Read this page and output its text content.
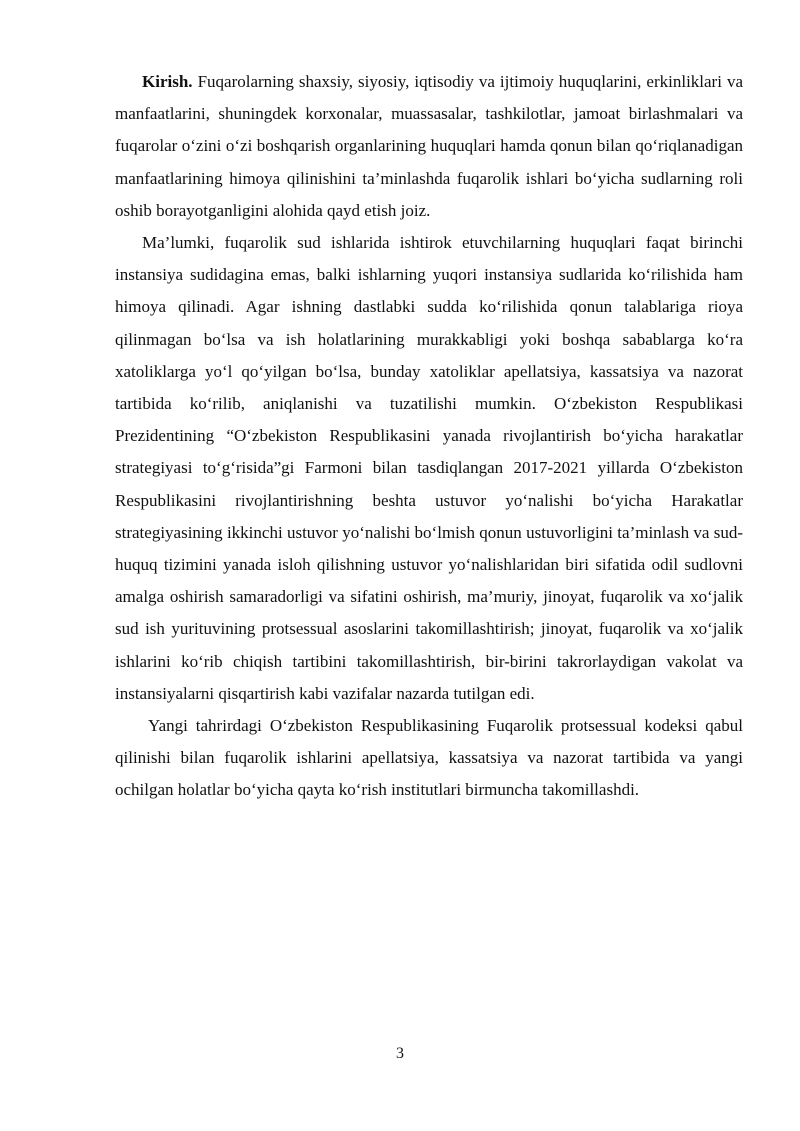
Kirish. Fuqarolarning shaxsiy, siyosiy, iqtisodiy va ijtimoiy huquqlarini, erkinliklari va manfaatlarini, shuningdek korxonalar, muassasalar, tashkilotlar, jamoat birlashmalari va fuqarolar o‘zini o‘zi boshqarish organlarining huquqlari hamda qonun bilan qo‘riqlanadigan manfaatlarining himoya qilinishini ta’minlashda fuqarolik ishlari bo‘yicha sudlarning roli oshib borayotganligini alohida qayd etish joiz.

Ma’lumki, fuqarolik sud ishlarida ishtirok etuvchilarning huquqlari faqat birinchi instansiya sudidagina emas, balki ishlarning yuqori instansiya sudlarida ko‘rilishida ham himoya qilinadi. Agar ishning dastlabki sudda ko‘rilishida qonun talablariga rioya qilinmagan bo‘lsa va ish holatlarining murakkabligi yoki boshqa sabablarga ko‘ra xatoliklarga yo‘l qo‘yilgan bo‘lsa, bunday xatoliklar apellatsiya, kassatsiya va nazorat tartibida ko‘rilib, aniqlanishi va tuzatilishi mumkin. O‘zbekiston Respublikasi Prezidentining “O‘zbekiston Respublikasini yanada rivojlantirish bo‘yicha harakatlar strategiyasi to‘g‘risida”gi Farmoni bilan tasdiqlangan 2017-2021 yillarda O‘zbekiston Respublikasini rivojlantirishning beshta ustuvor yo‘nalishi bo‘yicha Harakatlar strategiyasining ikkinchi ustuvor yo‘nalishi bo‘lmish qonun ustuvorligini ta’minlash va sud-huquq tizimini yanada isloh qilishning ustuvor yo‘nalishlaridan biri sifatida odil sudlovni amalga oshirish samaradorligi va sifatini oshirish, ma’muriy, jinoyat, fuqarolik va xo‘jalik sud ish yurituvining protsessual asoslarini takomillashtirish; jinoyat, fuqarolik va xo‘jalik ishlarini ko‘rib chiqish tartibini takomillashtirish, bir-birini takrorlaydigan vakolat va instansiyalarni qisqartirish kabi vazifalar nazarda tutilgan edi.

Yangi tahrirdagi O‘zbekiston Respublikasining Fuqarolik protsessual kodeksi qabul qilinishi bilan fuqarolik ishlarini apellatsiya, kassatsiya va nazorat tartibida va yangi ochilgan holatlar bo‘yicha qayta ko‘rish institutlari birmuncha takomillashdi.

3
